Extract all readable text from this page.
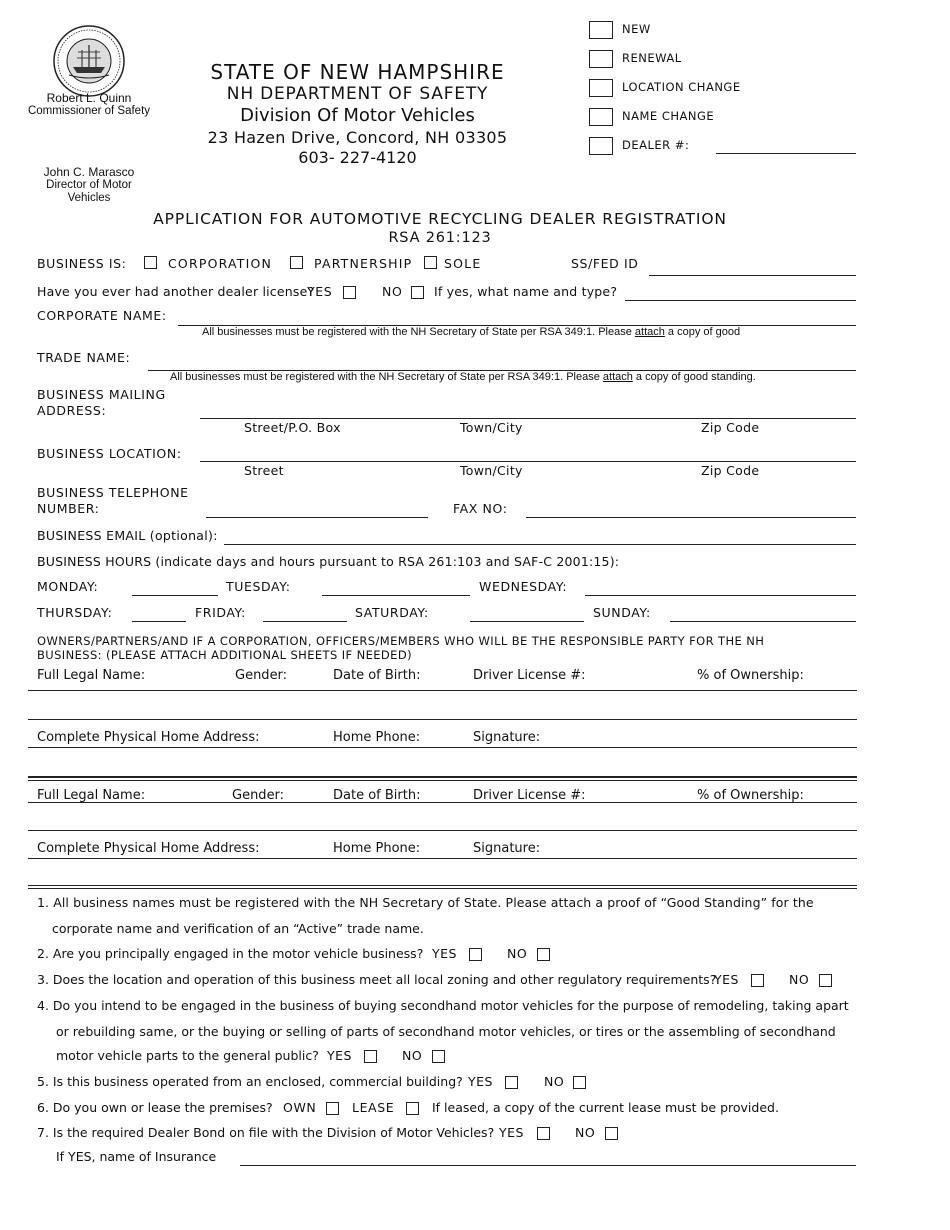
Robert L. Quinn
Commissioner of Safety
John C. Marasco
Director of Motor Vehicles
STATE OF NEW HAMPSHIRE
NH DEPARTMENT OF SAFETY
Division Of Motor Vehicles
23 Hazen Drive, Concord, NH 03305
603- 227-4120
NEW
RENEWAL
LOCATION CHANGE
NAME CHANGE
DEALER #:
APPLICATION FOR AUTOMOTIVE RECYCLING DEALER REGISTRATION
RSA 261:123
BUSINESS IS:	CORPORATION	PARTNERSHIP	SOLE	SS/FED ID
Have you ever had another dealer license?
YES	NO	If yes, what name and type?
CORPORATE NAME:
All businesses must be registered with the NH Secretary of State per RSA 349:1. Please attach a copy of good
TRADE NAME:
All businesses must be registered with the NH Secretary of State per RSA 349:1. Please attach a copy of good standing.
BUSINESS MAILING
ADDRESS:
Street/P.O. Box	Town/City	Zip Code
BUSINESS LOCATION:
Street	Town/City	Zip Code
BUSINESS TELEPHONE
NUMBER:	FAX NO:
BUSINESS EMAIL (optional):
BUSINESS HOURS (indicate days and hours pursuant to RSA 261:103 and SAF-C 2001:15):
MONDAY:	TUESDAY:	WEDNESDAY:
THURSDAY:	FRIDAY:	SATURDAY:	SUNDAY:
OWNERS/PARTNERS/AND IF A CORPORATION, OFFICERS/MEMBERS WHO WILL BE THE RESPONSIBLE PARTY FOR THE NH
BUSINESS: (PLEASE ATTACH ADDITIONAL SHEETS IF NEEDED)
Full Legal Name:	Gender:	Date of Birth:	Driver License #:	% of Ownership:
Complete Physical Home Address:	Home Phone:	Signature:
Full Legal Name:	Gender:	Date of Birth:	Driver License #:	% of Ownership:
Complete Physical Home Address:	Home Phone:	Signature:
1. All business names must be registered with the NH Secretary of State. Please attach a proof of “Good Standing” for the
corporate name and verification of an “Active” trade name.
2. Are you principally engaged in the motor vehicle business? YES	NO
3. Does the location and operation of this business meet all local zoning and other regulatory requirements?
YES	NO
4. Do you intend to be engaged in the business of buying secondhand motor vehicles for the purpose of remodeling, taking apart
or rebuilding same, or the buying or selling of parts of secondhand motor vehicles, or tires or the assembling of secondhand
motor vehicle parts to the general public? YES	NO
5. Is this business operated from an enclosed, commercial building? YES	NO
6. Do you own or lease the premises? OWN	LEASE	If leased, a copy of the current lease must be provided.
7. Is the required Dealer Bond on file with the Division of Motor Vehicles? YES	NO
If YES, name of Insurance
